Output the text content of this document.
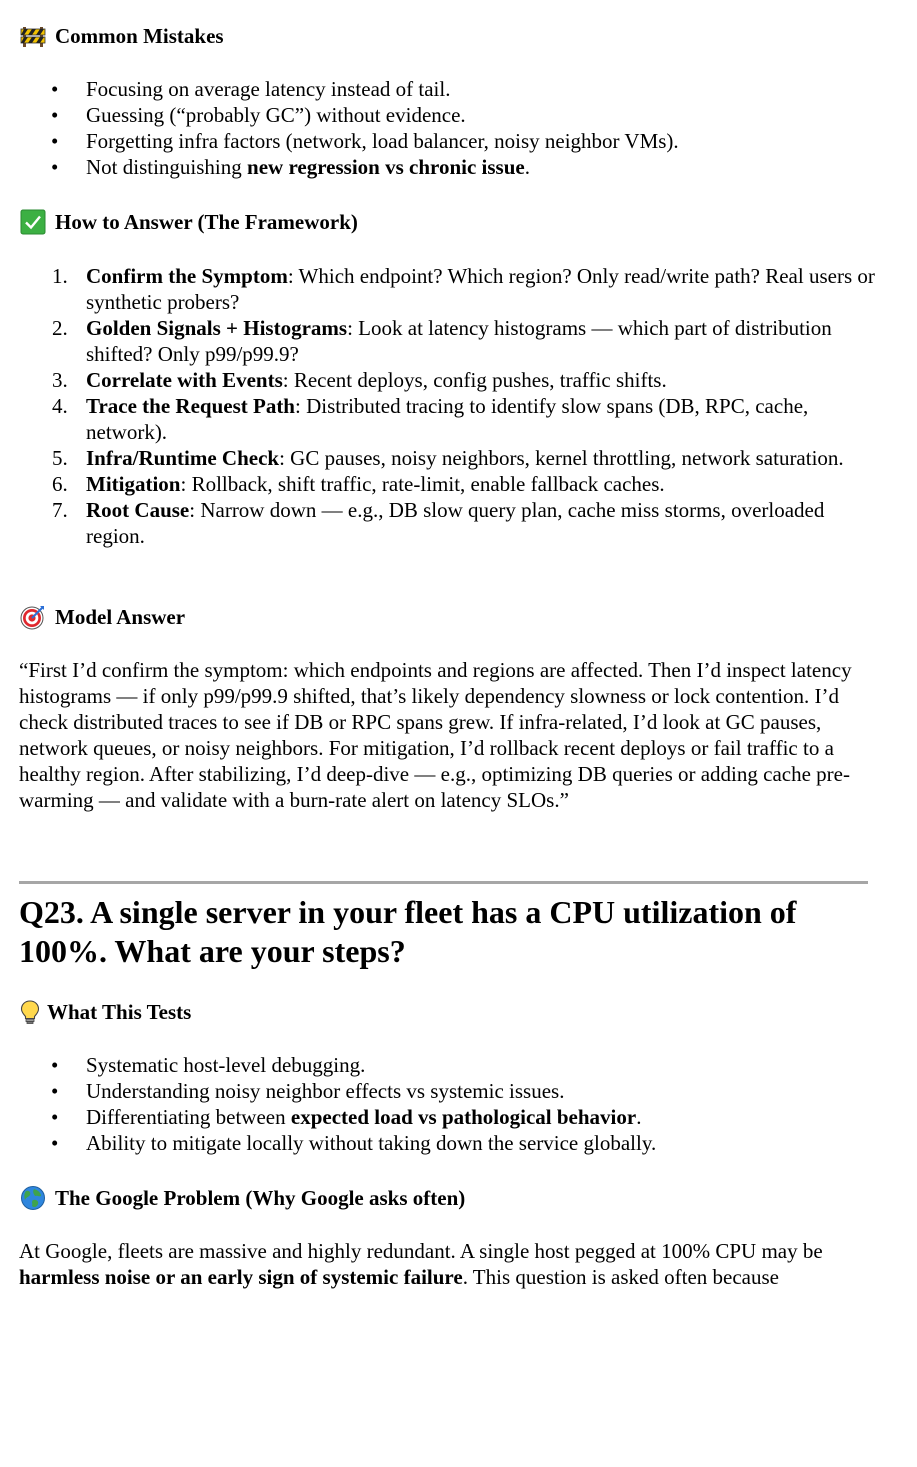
Common Mistakes
• Focusing on average latency instead of tail.
• Guessing (“probably GC”) without evidence.
• Forgetting infra factors (network, load balancer, noisy neighbor VMs).
• Not distinguishing new regression vs chronic issue.
How to Answer (The Framework)
1. Confirm the Symptom: Which endpoint? Which region? Only read/write path? Real users or synthetic probers?
2. Golden Signals + Histograms: Look at latency histograms — which part of distribution shifted? Only p99/p99.9?
3. Correlate with Events: Recent deploys, config pushes, traffic shifts.
4. Trace the Request Path: Distributed tracing to identify slow spans (DB, RPC, cache, network).
5. Infra/Runtime Check: GC pauses, noisy neighbors, kernel throttling, network saturation.
6. Mitigation: Rollback, shift traffic, rate-limit, enable fallback caches.
7. Root Cause: Narrow down — e.g., DB slow query plan, cache miss storms, overloaded region.
Model Answer
“First I’d confirm the symptom: which endpoints and regions are affected. Then I’d inspect latency histograms — if only p99/p99.9 shifted, that’s likely dependency slowness or lock contention. I’d check distributed traces to see if DB or RPC spans grew. If infra-related, I’d look at GC pauses, network queues, or noisy neighbors. For mitigation, I’d rollback recent deploys or fail traffic to a healthy region. After stabilizing, I’d deep-dive — e.g., optimizing DB queries or adding cache pre-warming — and validate with a burn-rate alert on latency SLOs.”
Q23. A single server in your fleet has a CPU utilization of 100%. What are your steps?
What This Tests
• Systematic host-level debugging.
• Understanding noisy neighbor effects vs systemic issues.
• Differentiating between expected load vs pathological behavior.
• Ability to mitigate locally without taking down the service globally.
The Google Problem (Why Google asks often)
At Google, fleets are massive and highly redundant. A single host pegged at 100% CPU may be harmless noise or an early sign of systemic failure. This question is asked often because
